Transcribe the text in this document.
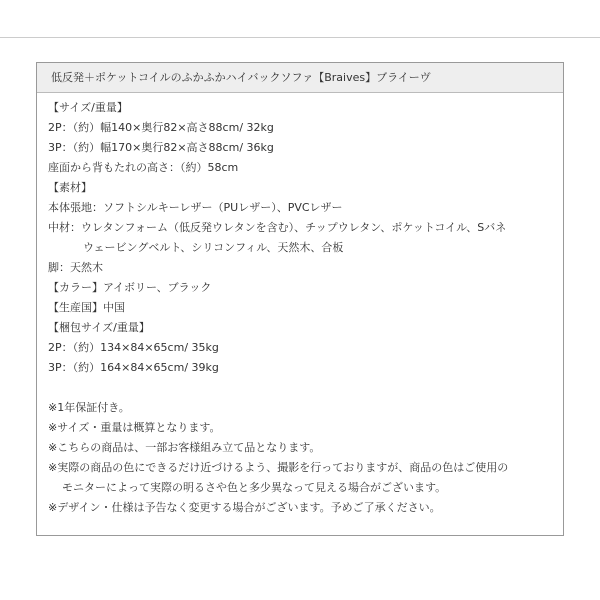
低反発＋ポケットコイルのふかふかハイバックソファ【Braives】ブライーヴ
【サイズ/重量】
2P：（約）幅140×奥行82×高さ88cm/ 32kg
3P：（約）幅170×奥行82×高さ88cm/ 36kg
座面から背もたれの高さ：（約）58cm
【素材】
本体張地：ソフトシルキーレザー（PUレザー）、PVCレザー
中材：ウレタンフォーム（低反発ウレタンを含む）、チップウレタン、ポケットコイル、Sバネ
ウェービングベルト、シリコンフィル、天然木、合板
脚：天然木
【カラー】アイボリー、ブラック
【生産国】中国
【梱包サイズ/重量】
2P：（約）134×84×65cm/ 35kg
3P：（約）164×84×65cm/ 39kg
※1年保証付き。
※サイズ・重量は概算となります。
※こちらの商品は、一部お客様組み立て品となります。
※実際の商品の色にできるだけ近づけるよう、撮影を行っておりますが、商品の色はご使用の
モニターによって実際の明るさや色と多少異なって見える場合がございます。
※デザイン・仕様は予告なく変更する場合がございます。予めご了承ください。
